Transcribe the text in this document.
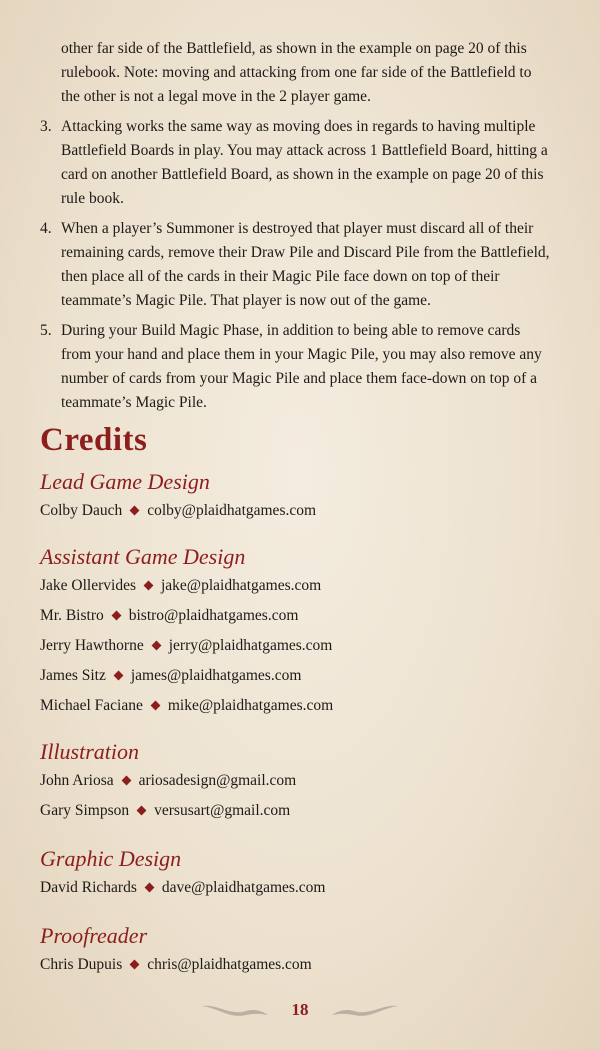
other far side of the Battlefield, as shown in the example on page 20 of this rulebook. Note: moving and attacking from one far side of the Battlefield to the other is not a legal move in the 2 player game.

3. Attacking works the same way as moving does in regards to having multiple Battlefield Boards in play. You may attack across 1 Battlefield Board, hitting a card on another Battlefield Board, as shown in the example on page 20 of this rule book.
4. When a player’s Summoner is destroyed that player must discard all of their remaining cards, remove their Draw Pile and Discard Pile from the Battlefield, then place all of the cards in their Magic Pile face down on top of their teammate’s Magic Pile. That player is now out of the game.
5. During your Build Magic Phase, in addition to being able to remove cards from your hand and place them in your Magic Pile, you may also remove any number of cards from your Magic Pile and place them face-down on top of a teammate’s Magic Pile.
Credits
Lead Game Design
Colby Dauch colby@plaidhatgames.com
Assistant Game Design
Jake Ollervides jake@plaidhatgames.com
Mr. Bistro bistro@plaidhatgames.com
Jerry Hawthorne jerry@plaidhatgames.com
James Sitz james@plaidhatgames.com
Michael Faciane mike@plaidhatgames.com
Illustration
John Ariosa ariosadesign@gmail.com
Gary Simpson versusart@gmail.com
Graphic Design
David Richards dave@plaidhatgames.com
Proofreader
Chris Dupuis chris@plaidhatgames.com
18
